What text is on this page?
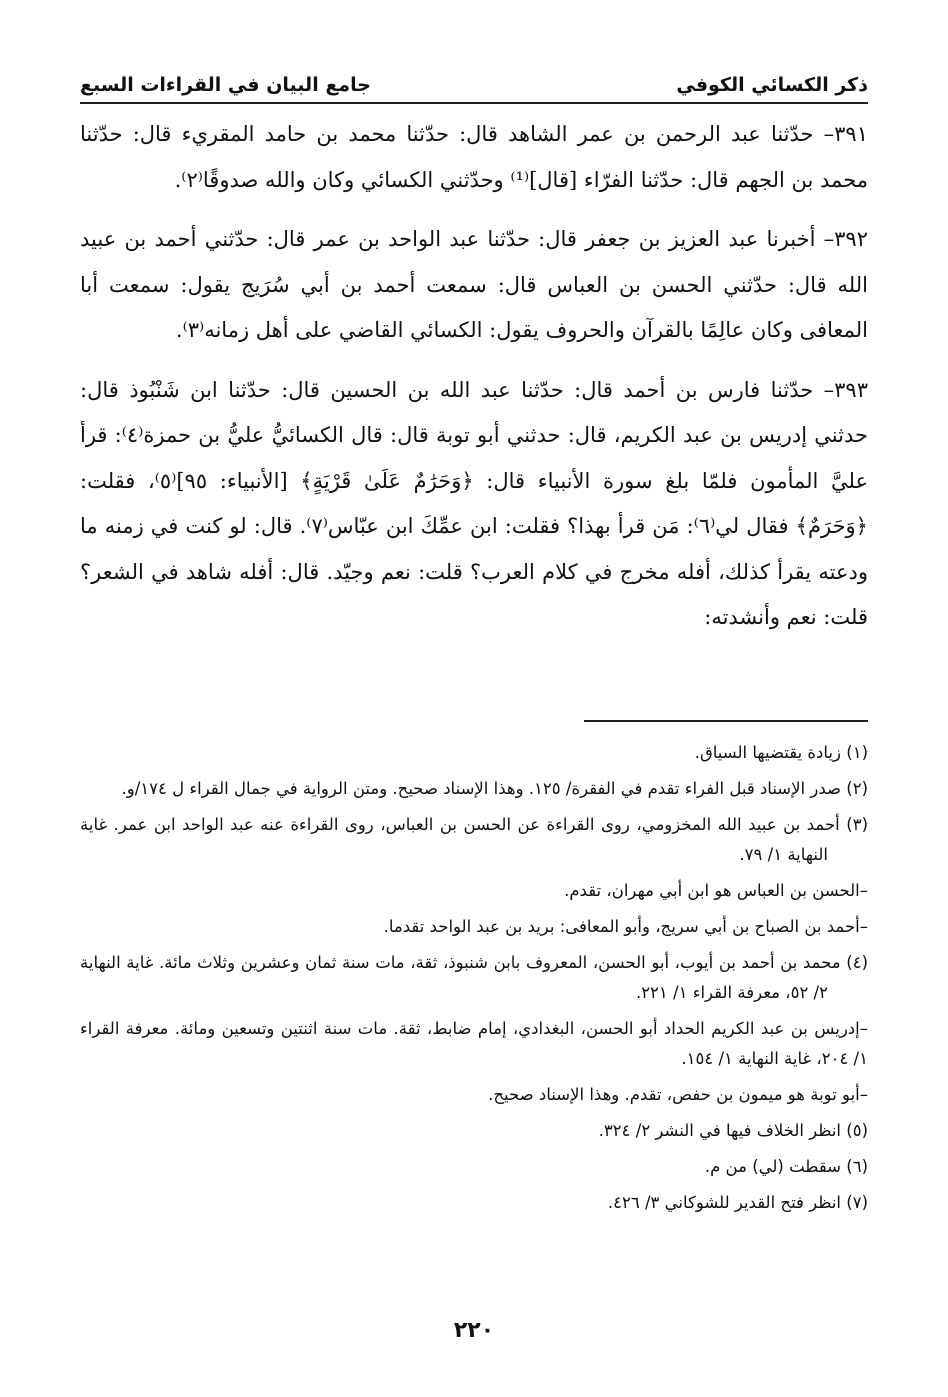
ذكر الكسائي الكوفي
جامع البيان في القراءات السبع

٣٩١– حدّثنا عبد الرحمن بن عمر الشاهد قال: حدّثنا محمد بن حامد المقريء قال: حدّثنا محمد بن الجهم قال: حدّثنا الفرّاء [قال]⁽¹⁾ وحدّثني الكسائي وكان والله صدوقًا⁽٢⁾.

٣٩٢– أخبرنا عبد العزيز بن جعفر قال: حدّثنا عبد الواحد بن عمر قال: حدّثني أحمد بن عبيد الله قال: حدّثني الحسن بن العباس قال: سمعت أحمد بن أبي سُرَيج يقول: سمعت أبا المعافى وكان عالِمًا بالقرآن والحروف يقول: الكسائي القاضي على أهل زمانه⁽٣⁾.

٣٩٣– حدّثنا فارس بن أحمد قال: حدّثنا عبد الله بن الحسين قال: حدّثنا ابن شَنْبُوذ قال: حدثني إدريس بن عبد الكريم، قال: حدثني أبو توبة قال: قال الكسائيُّ عليُّ بن حمزة⁽٤⁾: قرأ عليَّ المأمون فلمّا بلغ سورة الأنبياء قال: ﴿وَحَرَٰمٌ عَلَىٰ قَرْيَةٍ﴾ [الأنبياء: ٩٥]⁽٥⁾، فقلت: ﴿وَحَرَمٌ﴾ فقال لي⁽٦⁾: مَن قرأ بهذا؟ فقلت: ابن عمِّكَ ابن عبّاس⁽٧⁾. قال: لو كنت في زمنه ما ودعته يقرأ كذلك، أفله مخرج في كلام العرب؟ قلت: نعم وجيّد. قال: أفله شاهد في الشعر؟ قلت: نعم وأنشدته:

(١) زيادة يقتضيها السياق.
(٢) صدر الإسناد قبل الفراء تقدم في الفقرة/ ١٢٥. وهذا الإسناد صحيح. ومتن الرواية في جمال القراء ل ١٧٤/و.
(٣) أحمد بن عبيد الله المخزومي، روى القراءة عن الحسن بن العباس، روى القراءة عنه عبد الواحد ابن عمر. غاية النهاية ١/ ٧٩.
–الحسن بن العباس هو ابن أبي مهران، تقدم.
–أحمد بن الصباح بن أبي سريج، وأبو المعافى: بريد بن عبد الواحد تقدما.
(٤) محمد بن أحمد بن أيوب، أبو الحسن، المعروف بابن شنبوذ، ثقة، مات سنة ثمان وعشرين وثلاث مائة. غاية النهاية ٢/ ٥٢، معرفة القراء ١/ ٢٢١.
–إدريس بن عبد الكريم الحداد أبو الحسن، البغدادي، إمام ضابط، ثقة. مات سنة اثنتين وتسعين ومائة. معرفة القراء ١/ ٢٠٤، غاية النهاية ١/ ١٥٤.
–أبو توبة هو ميمون بن حفص، تقدم. وهذا الإسناد صحيح.
(٥) انظر الخلاف فيها في النشر ٢/ ٣٢٤.
(٦) سقطت (لي) من م.
(٧) انظر فتح القدير للشوكاني ٣/ ٤٢٦.
٢٢٠
